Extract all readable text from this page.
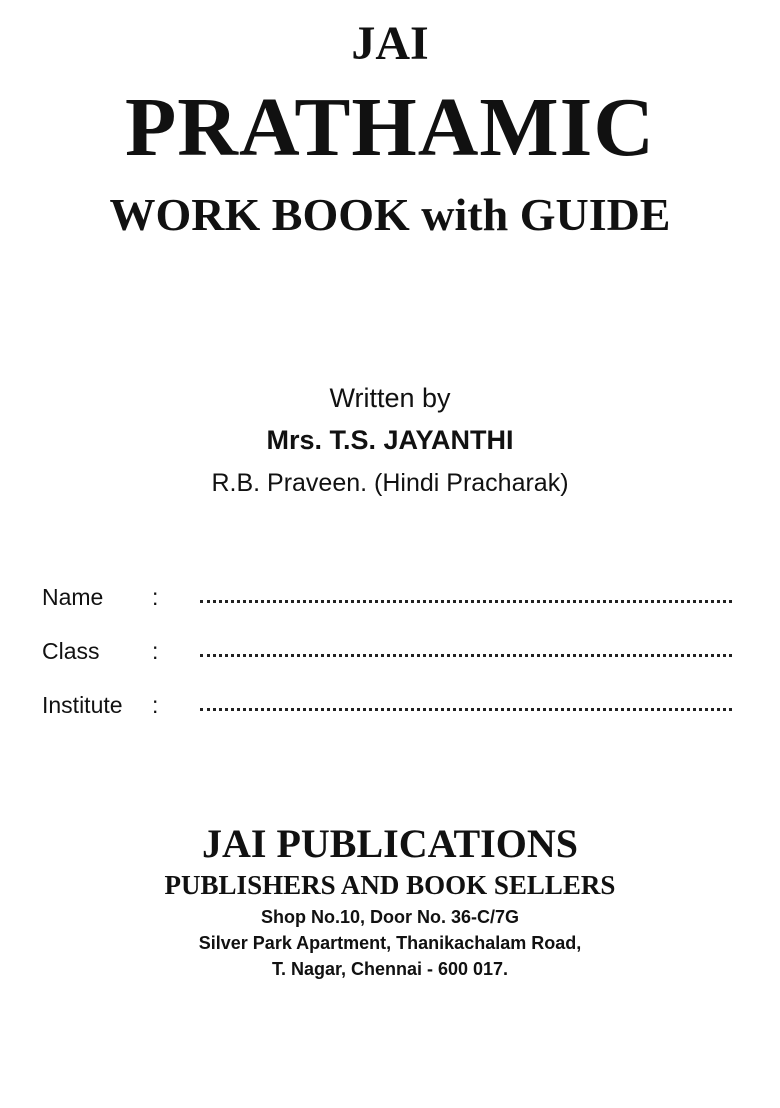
JAI
PRATHAMIC
WORK BOOK with GUIDE
Written by
Mrs. T.S. JAYANTHI
R.B. Praveen. (Hindi Pracharak)
Name :
Class :
Institute :
JAI PUBLICATIONS
PUBLISHERS AND BOOK SELLERS
Shop No.10, Door No. 36-C/7G
Silver Park Apartment, Thanikachalam Road,
T. Nagar, Chennai - 600 017.
